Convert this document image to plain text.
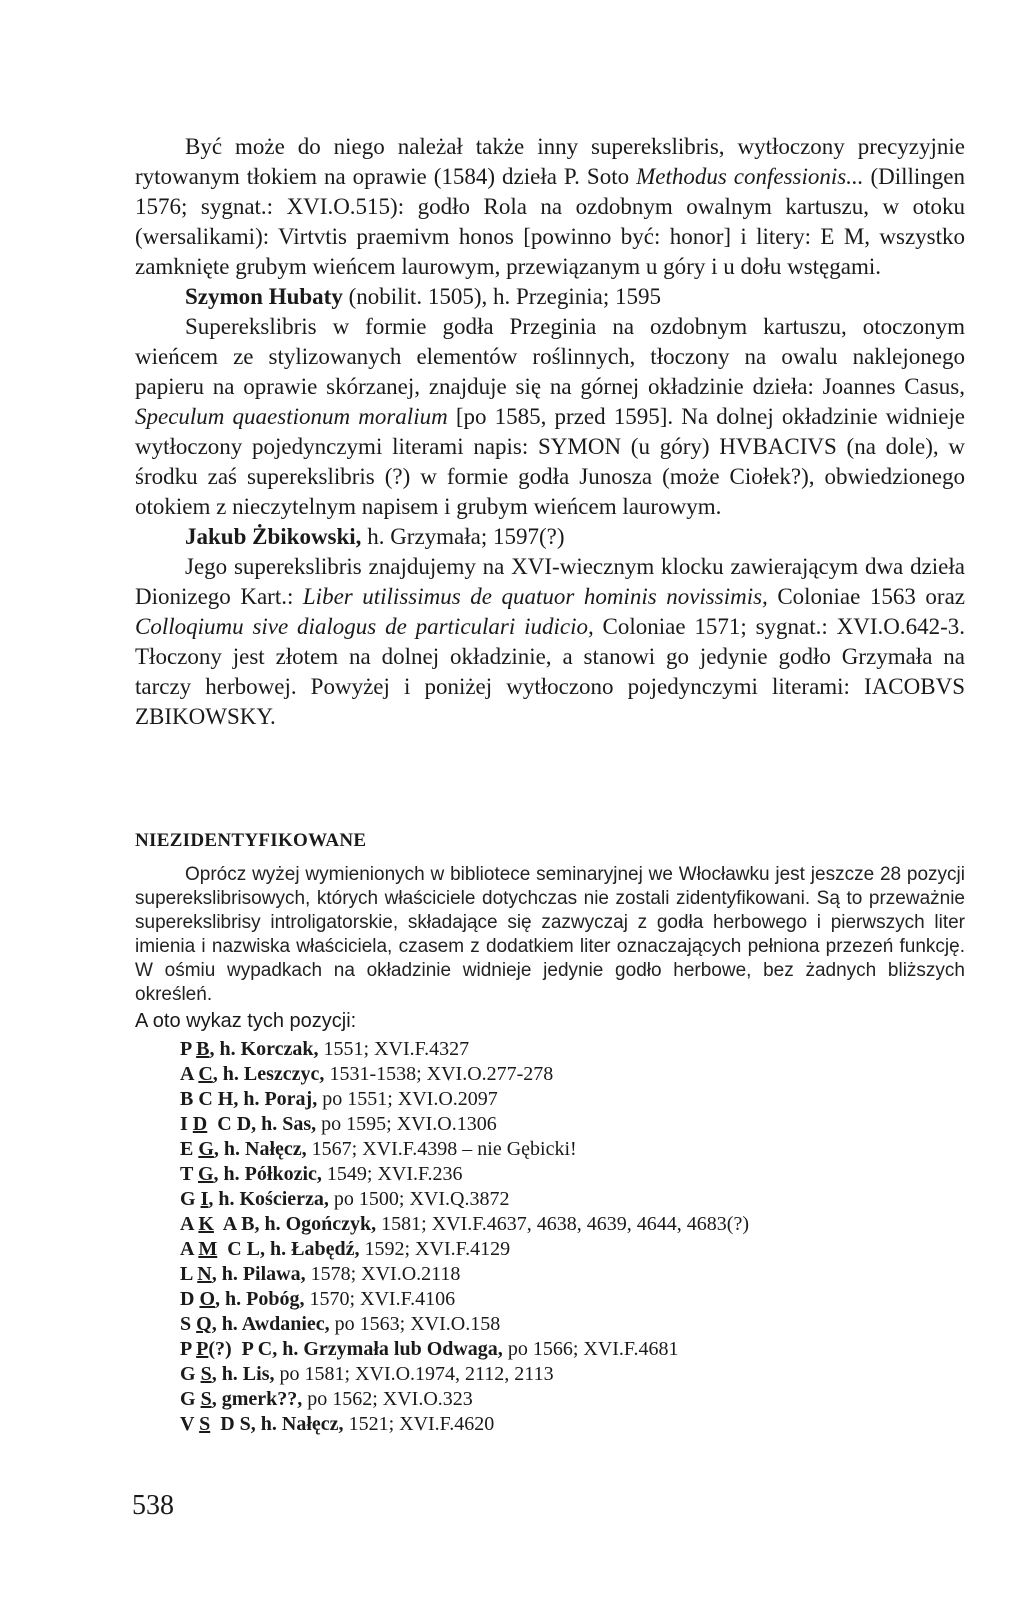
Być może do niego należał także inny superekslibris, wytłoczony precyzyjnie rytowanym tłokiem na oprawie (1584) dzieła P. Soto Methodus confessionis... (Dillingen 1576; sygnat.: XVI.O.515): godło Rola na ozdobnym owalnym kartuszu, w otoku (wersalikami): Virtvtis praemivm honos [powinno być: honor] i litery: E M, wszystko zamknięte grubym wieńcem laurowym, przewiązanym u góry i u dołu wstęgami.

Szymon Hubaty (nobilit. 1505), h. Przeginia; 1595

Superekslibris w formie godła Przeginia na ozdobnym kartuszu, otoczonym wieńcem ze stylizowanych elementów roślinnych, tłoczony na owalu naklejonego papieru na oprawie skórzanej, znajduje się na górnej okładzinie dzieła: Joannes Casus, Speculum quaestionum moralium [po 1585, przed 1595]. Na dolnej okładzinie widnieje wytłoczony pojedynczymi literami napis: SYMON (u góry) HVBACIVS (na dole), w środku zaś superekslibris (?) w formie godła Junosza (może Ciołek?), obwiedzionego otokiem z nieczytelnym napisem i grubym wieńcem laurowym.

Jakub Żbikowski, h. Grzymała; 1597(?)

Jego superekslibris znajdujemy na XVI-wiecznym klocku zawierającym dwa dzieła Dionizego Kart.: Liber utilissimus de quatuor hominis novissimis, Coloniae 1563 oraz Colloqiumu sive dialogus de particulari iudicio, Coloniae 1571; sygnat.: XVI.O.642-3. Tłoczony jest złotem na dolnej okładzinie, a stanowi go jedynie godło Grzymała na tarczy herbowej. Powyżej i poniżej wytłoczono pojedynczymi literami: IACOBVS ZBIKOWSKY.

NIEZIDENTYFIKOWANE

Oprócz wyżej wymienionych w bibliotece seminaryjnej we Włocławku jest jeszcze 28 pozycji superekslibrisowych, których właściciele dotychczas nie zostali zidentyfikowani. Są to przeważnie superekslibrisy introligatorskie, składające się zazwyczaj z godła herbowego i pierwszych liter imienia i nazwiska właściciela, czasem z dodatkiem liter oznaczających pełniona przezeń funkcję. W ośmiu wypadkach na okładzinie widnieje jedynie godło herbowe, bez żadnych bliższych określeń.

A oto wykaz tych pozycji:
P B, h. Korczak, 1551; XVI.F.4327
A C, h. Leszczyc, 1531-1538; XVI.O.277-278
B C H, h. Poraj, po 1551; XVI.O.2097
I D  C D, h. Sas, po 1595; XVI.O.1306
E G, h. Nałęcz, 1567; XVI.F.4398 – nie Gębicki!
T G, h. Półkozic, 1549; XVI.F.236
G I, h. Kościerza, po 1500; XVI.Q.3872
A K  A B, h. Ogończyk, 1581; XVI.F.4637, 4638, 4639, 4644, 4683(?)
A M  C L, h. Łabędź, 1592; XVI.F.4129
L N, h. Pilawa, 1578; XVI.O.2118
D O, h. Pobóg, 1570; XVI.F.4106
S Q, h. Awdaniec, po 1563; XVI.O.158
P P(?)  P C, h. Grzymała lub Odwaga, po 1566; XVI.F.4681
G S, h. Lis, po 1581; XVI.O.1974, 2112, 2113
G S, gmerk??, po 1562; XVI.O.323
V S  D S, h. Nałęcz, 1521; XVI.F.4620
538
